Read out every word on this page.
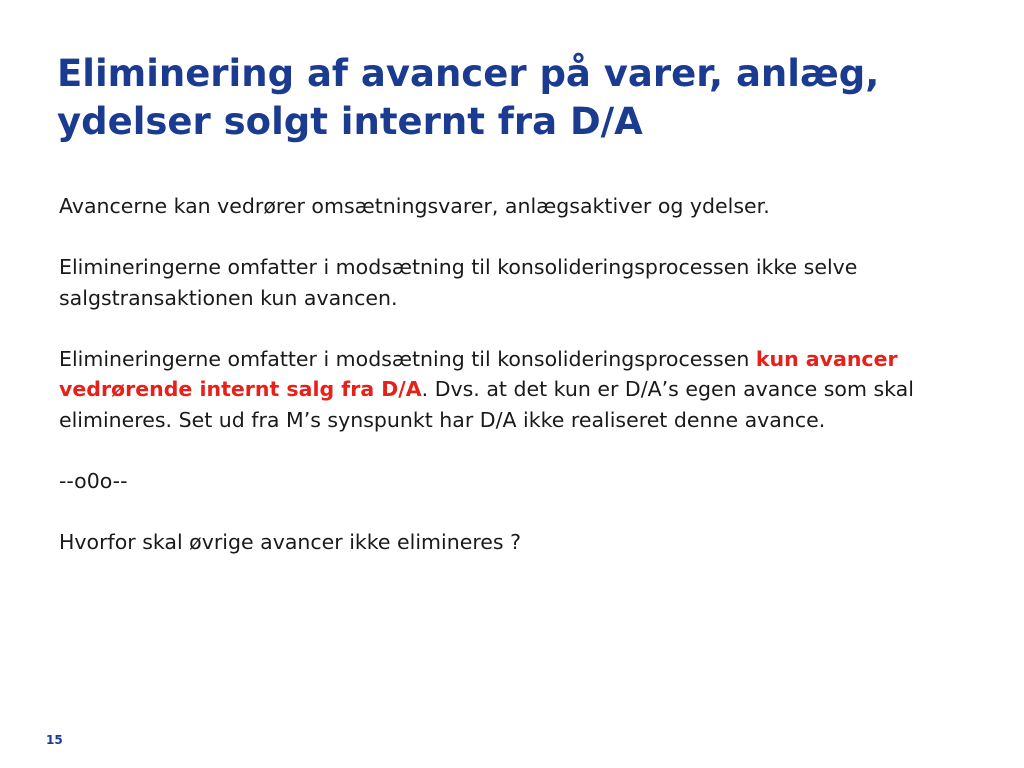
Eliminering af avancer på varer, anlæg, ydelser solgt internt fra D/A

Avancerne kan vedrører omsætningsvarer, anlægsaktiver og ydelser.

Elimineringerne omfatter i modsætning til konsolideringsprocessen ikke selve salgstransaktionen kun avancen.

Elimineringerne omfatter i modsætning til konsolideringsprocessen kun avancer vedrørende internt salg fra D/A. Dvs. at det kun er D/A’s egen avance som skal elimineres. Set ud fra M’s synspunkt har D/A ikke realiseret denne avance.

--o0o--

Hvorfor skal øvrige avancer ikke elimineres ?

15
